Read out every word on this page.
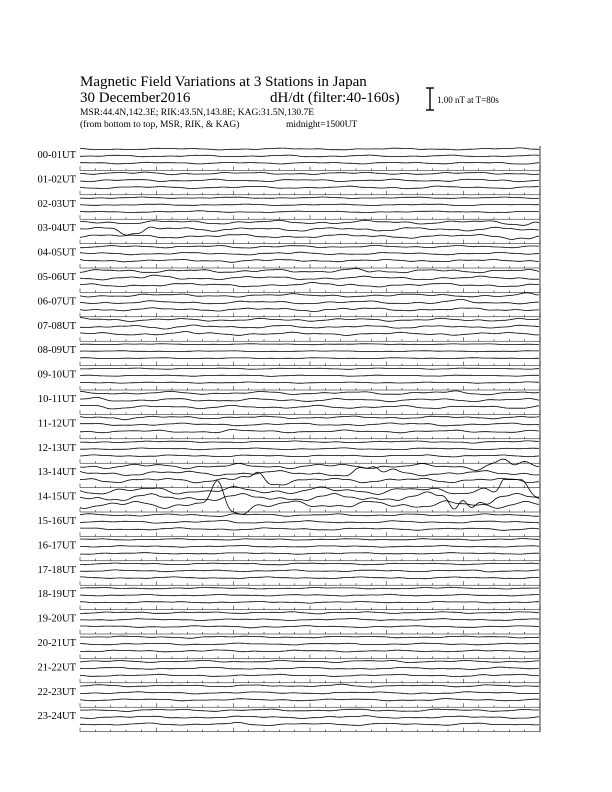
Magnetic Field Variations at 3 Stations in Japan
30 December2016	dH/dt (filter:40-160s)
MSR:44.4N,142.3E; RIK:43.5N,143.8E; KAG:31.5N,130.7E
(from bottom to top, MSR, RIK, & KAG)	midnight=1500UT
1.00 nT at T=80s
00-01UT
01-02UT
02-03UT
03-04UT
04-05UT
05-06UT
06-07UT
07-08UT
08-09UT
09-10UT
10-11UT
11-12UT
12-13UT
13-14UT
14-15UT
15-16UT
16-17UT
17-18UT
18-19UT
19-20UT
20-21UT
21-22UT
22-23UT
23-24UT
